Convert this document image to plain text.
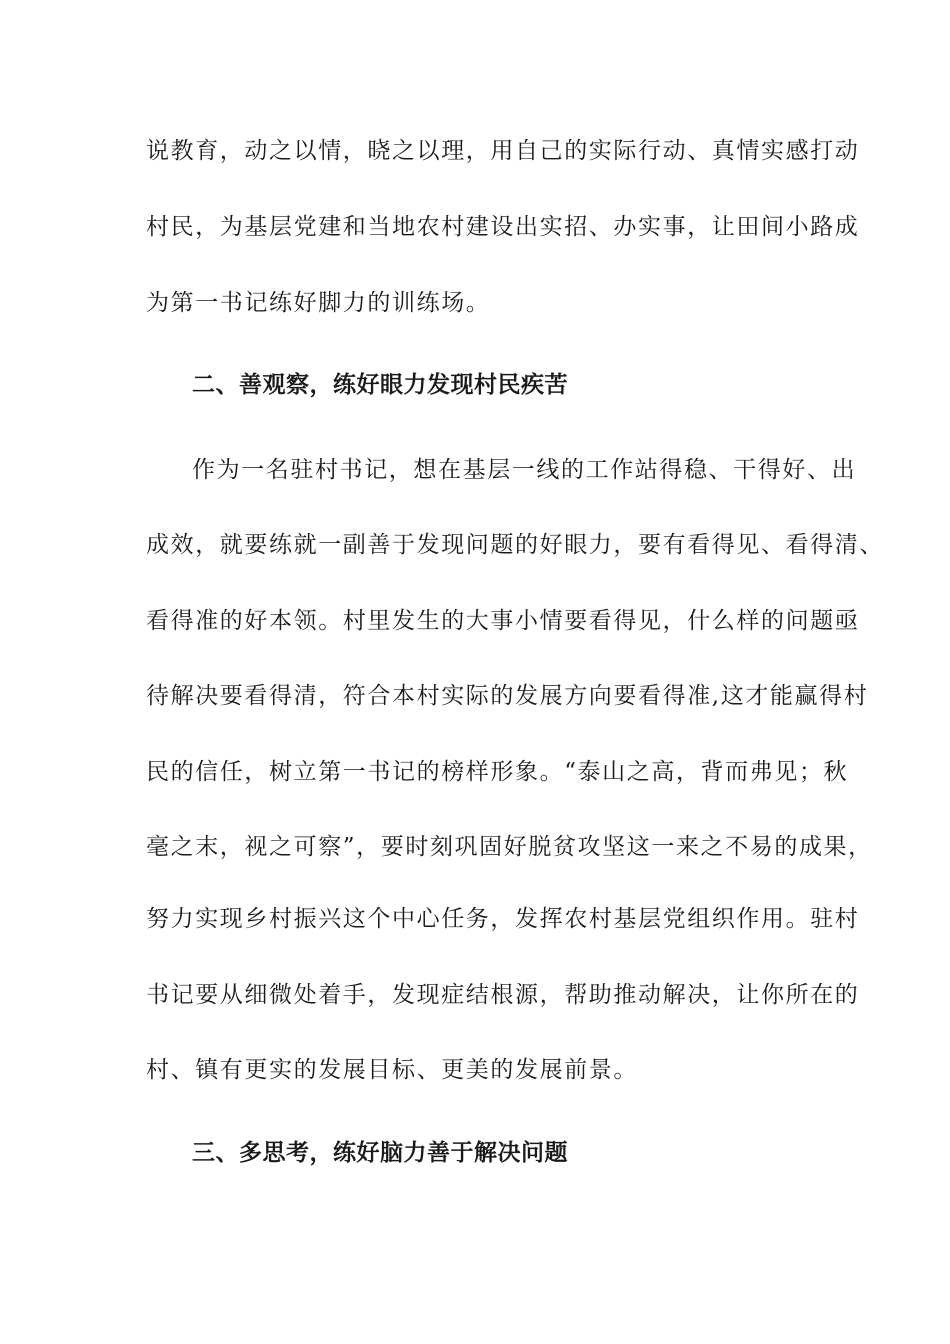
说教育，动之以情，晓之以理，用自己的实际行动、真情实感打动
村民，为基层党建和当地农村建设出实招、办实事，让田间小路成
为第一书记练好脚力的训练场。
二、善观察，练好眼力发现村民疾苦
作为一名驻村书记，想在基层一线的工作站得稳、干得好、出
成效，就要练就一副善于发现问题的好眼力，要有看得见、看得清、
看得准的好本领。村里发生的大事小情要看得见，什么样的问题亟
待解决要看得清，符合本村实际的发展方向要看得准,这才能赢得村
民的信任，树立第一书记的榜样形象。“泰山之高，背而弗见；秋
毫之末，视之可察”，要时刻巩固好脱贫攻坚这一来之不易的成果，
努力实现乡村振兴这个中心任务，发挥农村基层党组织作用。驻村
书记要从细微处着手，发现症结根源，帮助推动解决，让你所在的
村、镇有更实的发展目标、更美的发展前景。
三、多思考，练好脑力善于解决问题
